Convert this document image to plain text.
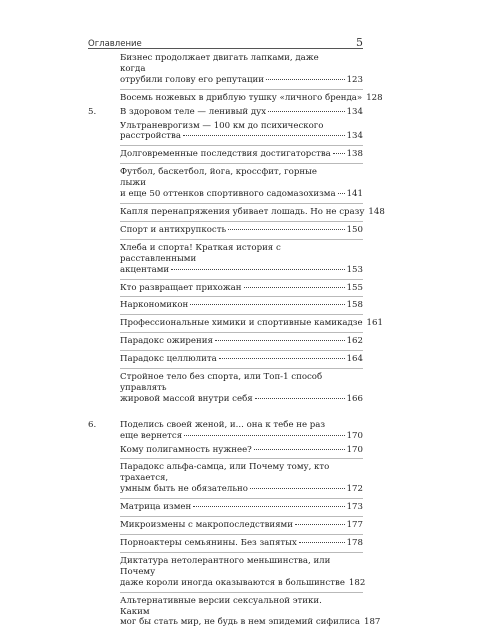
Оглавление	5
Бизнес продолжает двигать лапками, даже когда
отрубили голову его репутации	123
Восемь ножевых в дриблую тушку «личного бренда» 128
5.	В здоровом теле — ленивый дух	134
Ультраневрогизм — 100 км до психического
расстройства	134
Долговременные последствия достигаторства 138
Футбол, баскетбол, йога, кроссфит, горные лыжи
и еще 50 оттенков спортивного садомазохизма 141
Капля перенапряжения убивает лошадь. Но не сразу 148
Спорт и антихрупкость	150
Хлеба и спорта! Краткая история с расставленными
акцентами	153
Кто развращает прихожан	155
Наркономикон	158
Профессиональные химики и спортивные камикадзе 161
Парадокс ожирения	162
Парадокс целлюлита	164
Стройное тело без спорта, или Топ-1 способ управлять
жировой массой внутри себя	166
6.	Поделись своей женой, и... она к тебе не раз
еще вернется	170
Кому полигамность нужнее?	170
Парадокс альфа-самца, или Почему тому, кто трахается,
умным быть не обязательно	172
Матрица измен	173
Микроизмены с макропоследствиями	177
Порноактеры семьянины. Без запятых	178
Диктатура нетолерантного меньшинства, или Почему
даже короли иногда оказываются в большинстве 182
Альтернативные версии сексуальной этики. Каким
мог бы стать мир, не будь в нем эпидемий сифилиса 187
